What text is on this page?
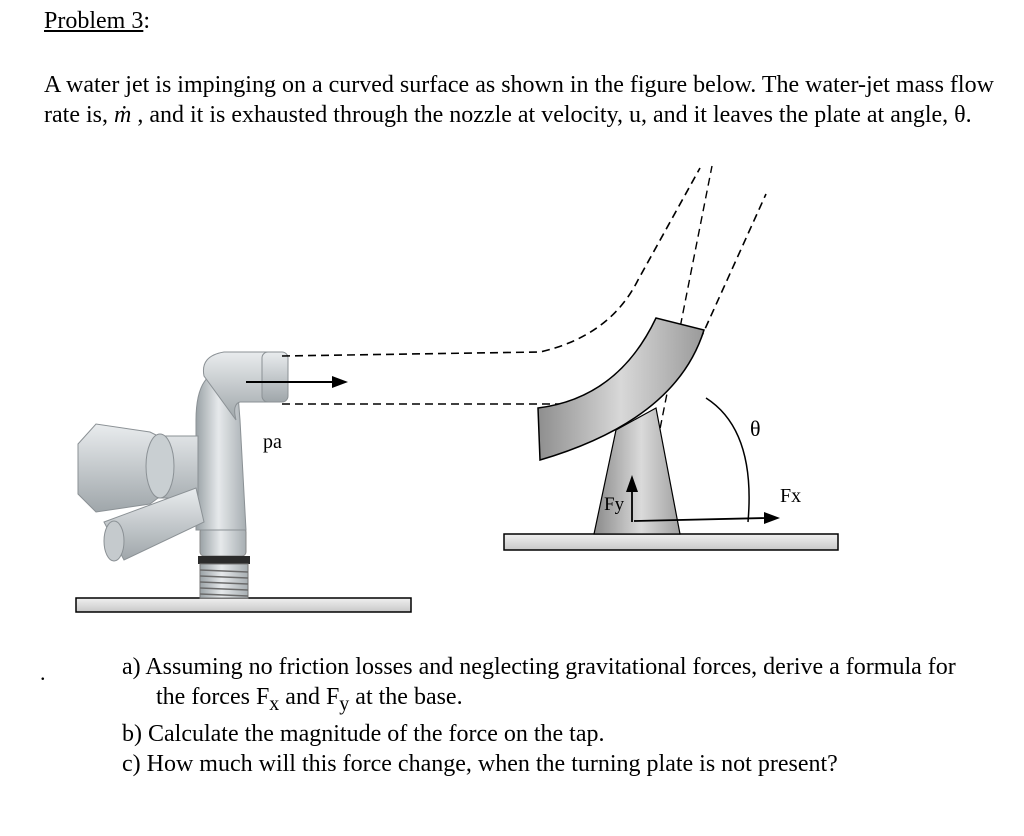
Problem 3:
A water jet is impinging on a curved surface as shown in the figure below. The water-jet mass flow rate is, ṁ , and it is exhausted through the nozzle at velocity, u, and it leaves the plate at angle, θ.
pa
θ
Fx
Fy
.	a) Assuming no friction losses and neglecting gravitational forces, derive a formula for the forces $F_x$ and $F_y$ at the base.
b) Calculate the magnitude of the force on the tap.
c) How much will this force change, when the turning plate is not present?
